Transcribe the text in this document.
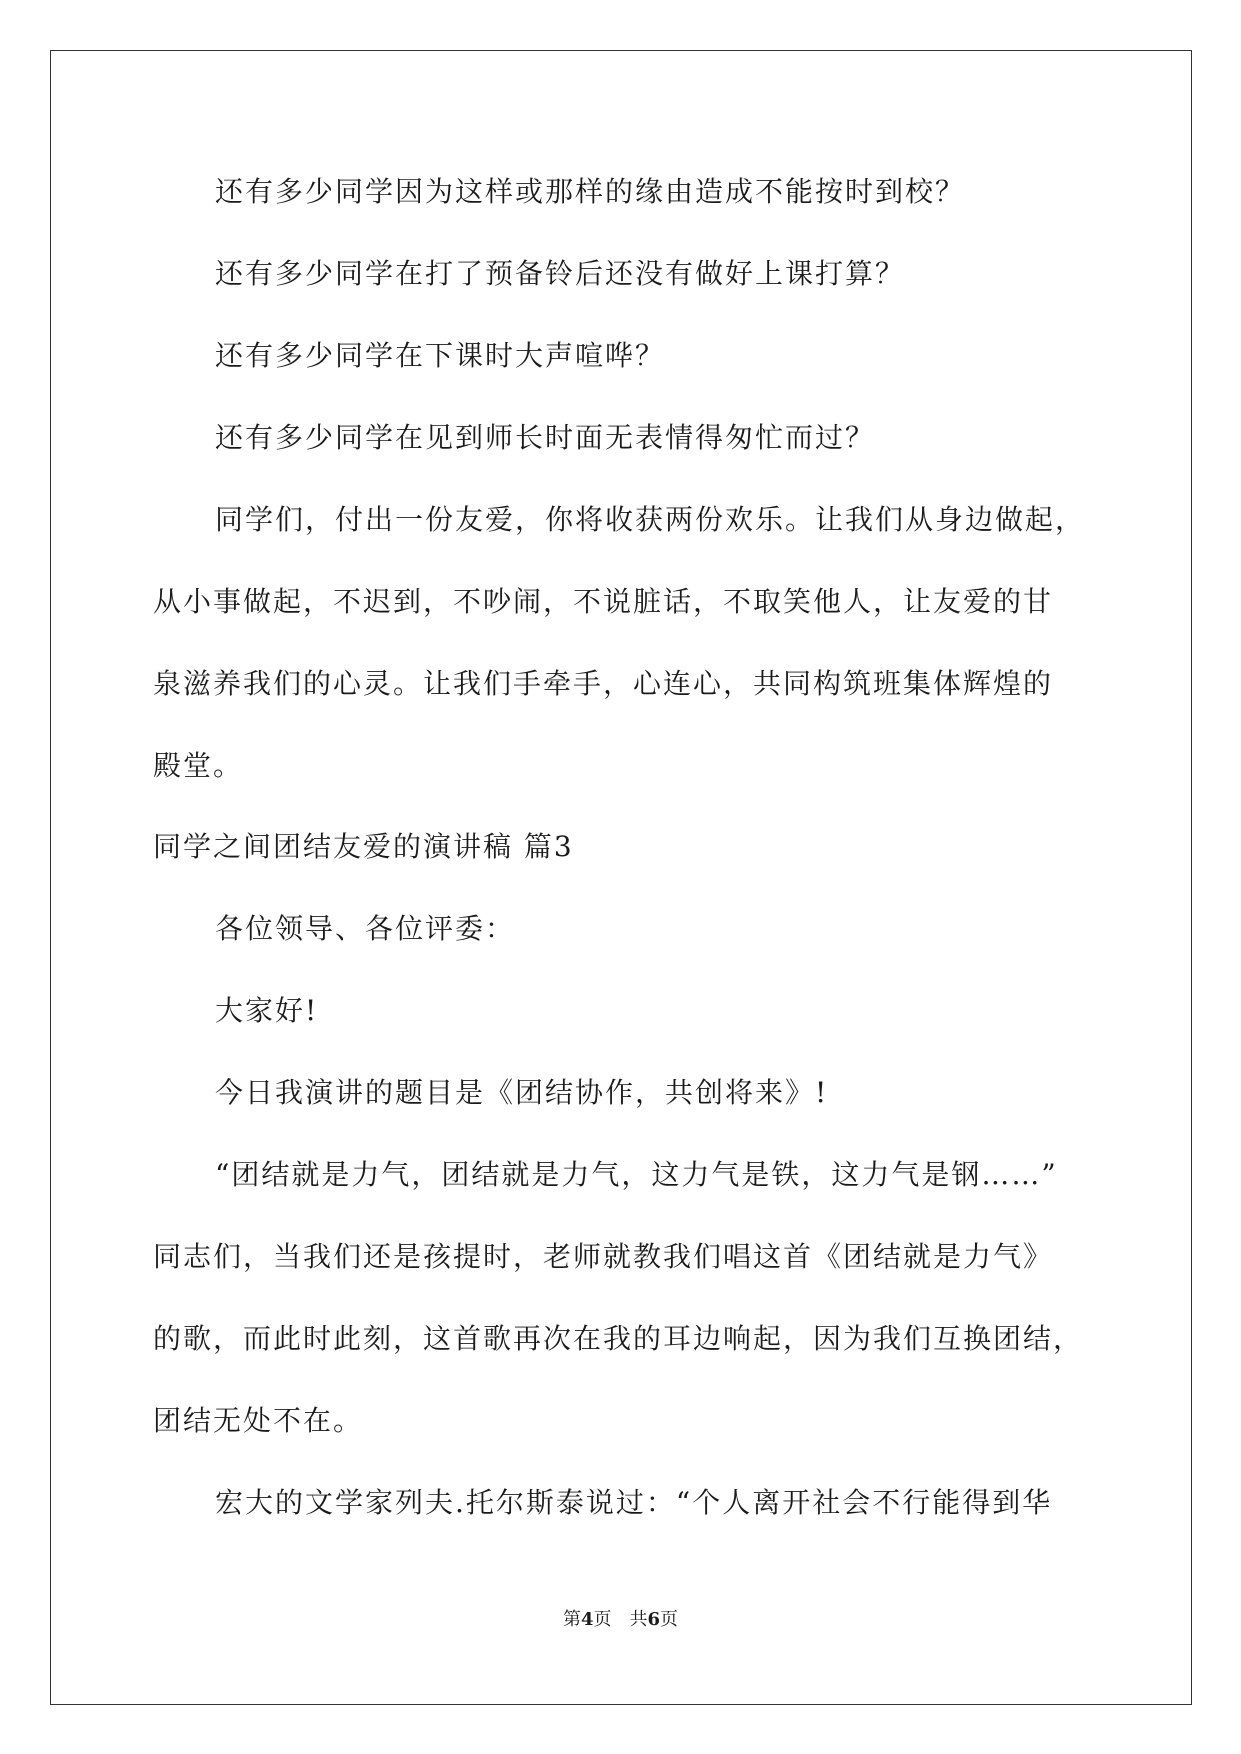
还有多少同学因为这样或那样的缘由造成不能按时到校？
还有多少同学在打了预备铃后还没有做好上课打算？
还有多少同学在下课时大声喧哗？
还有多少同学在见到师长时面无表情得匆忙而过？
同学们，付出一份友爱，你将收获两份欢乐。让我们从身边做起，
从小事做起，不迟到，不吵闹，不说脏话，不取笑他人，让友爱的甘
泉滋养我们的心灵。让我们手牵手，心连心，共同构筑班集体辉煌的
殿堂。
同学之间团结友爱的演讲稿 篇3
各位领导、各位评委：
大家好!
今日我演讲的题目是《团结协作，共创将来》!
“团结就是力气，团结就是力气，这力气是铁，这力气是钢……”
同志们，当我们还是孩提时，老师就教我们唱这首《团结就是力气》
的歌，而此时此刻，这首歌再次在我的耳边响起，因为我们互换团结，
团结无处不在。
宏大的文学家列夫.托尔斯泰说过：“个人离开社会不行能得到华
第4页　共6页
